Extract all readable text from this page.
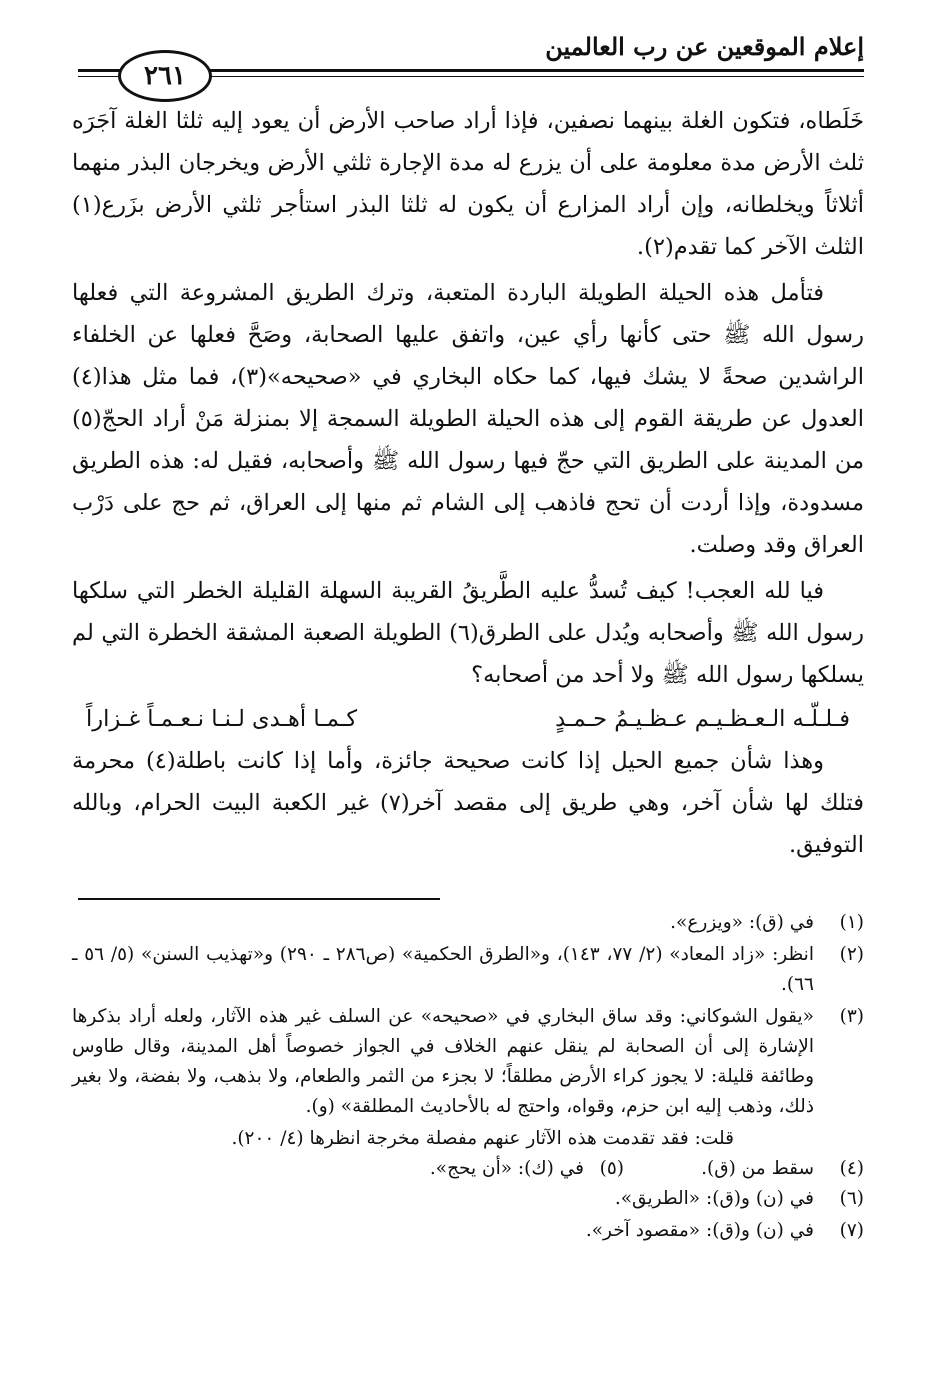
إعلام الموقعين عن رب العالمين
٢٦١

خَلَطاه، فتكون الغلة بينهما نصفين، فإذا أراد صاحب الأرض أن يعود إليه ثلثا الغلة آجَرَه ثلث الأرض مدة معلومة على أن يزرع له مدة الإجارة ثلثي الأرض ويخرجان البذر منهما أثلاثاً ويخلطانه، وإن أراد المزارع أن يكون له ثلثا البذر استأجر ثلثي الأرض بزَرع(١) الثلث الآخر كما تقدم(٢).

فتأمل هذه الحيلة الطويلة الباردة المتعبة، وترك الطريق المشروعة التي فعلها رسول الله ﷺ حتى كأنها رأي عين، واتفق عليها الصحابة، وصَحَّ فعلها عن الخلفاء الراشدين صحةً لا يشك فيها، كما حكاه البخاري في «صحيحه»(٣)، فما مثل هذا(٤) العدول عن طريقة القوم إلى هذه الحيلة الطويلة السمجة إلا بمنزلة مَنْ أراد الحجّ(٥) من المدينة على الطريق التي حجّ فيها رسول الله ﷺ وأصحابه، فقيل له: هذه الطريق مسدودة، وإذا أردت أن تحج فاذهب إلى الشام ثم منها إلى العراق، ثم حج على دَرْب العراق وقد وصلت.

فيا لله العجب! كيف تُسدُّ عليه الطَّريقُ القريبة السهلة القليلة الخطر التي سلكها رسول الله ﷺ وأصحابه ويُدل على الطرق(٦) الطويلة الصعبة المشقة الخطرة التي لم يسلكها رسول الله ﷺ ولا أحد من أصحابه؟

فـلـلّـه الـعـظـيـم عـظـيـمُ حـمـدٍ
كـمـا أهـدى لـنـا نـعـمـاً غـزاراً

وهذا شأن جميع الحيل إذا كانت صحيحة جائزة، وأما إذا كانت باطلة(٤) محرمة فتلك لها شأن آخر، وهي طريق إلى مقصد آخر(٧) غير الكعبة البيت الحرام، وبالله التوفيق.

(١)
في (ق): «ويزرع».
(٢)
انظر: «زاد المعاد» (٢/ ٧٧، ١٤٣)، و«الطرق الحكمية» (ص٢٨٦ ـ ٢٩٠) و«تهذيب السنن» (٥/ ٥٦ ـ ٦٦).
(٣)
«يقول الشوكاني: وقد ساق البخاري في «صحيحه» عن السلف غير هذه الآثار، ولعله أراد بذكرها الإشارة إلى أن الصحابة لم ينقل عنهم الخلاف في الجواز خصوصاً أهل المدينة، وقال طاوس وطائفة قليلة: لا يجوز كراء الأرض مطلقاً؛ لا بجزء من الثمر والطعام، ولا بذهب، ولا بفضة، ولا بغير ذلك، وذهب إليه ابن حزم، وقواه، واحتج له بالأحاديث المطلقة» (و).
قلت: فقد تقدمت هذه الآثار عنهم مفصلة مخرجة انظرها (٤/ ٢٠٠).
(٤)
سقط من (ق).
(٥)
في (ك): «أن يحج».
(٦)
في (ن) و(ق): «الطريق».
(٧)
في (ن) و(ق): «مقصود آخر».
